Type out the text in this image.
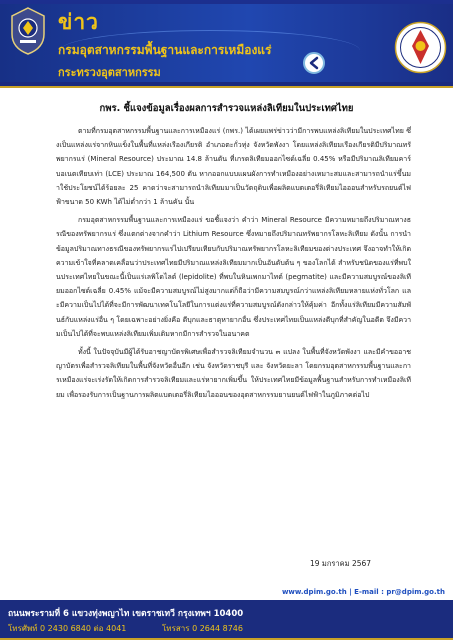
ข่าว
กรมอุตสาหกรรมพื้นฐานและการเหมืองแร่
กระทรวงอุตสาหกรรม
กพร. ชี้แจงข้อมูลเรื่องผลการสำรวจแหล่งลิเทียมในประเทศไทย

ตามที่กรมอุตสาหกรรมพื้นฐานและการเหมืองแร่ (กพร.) ได้เผยแพร่ข่าวว่ามีการพบแหล่งลิเทียมในประเทศไทย ซึ่งเป็นแหล่งแร่จากหินแข็งในพื้นที่แหล่งเรืองเกียรติ อำเภอตะกั่วทุ่ง จังหวัดพังงา โดยแหล่งลิเทียมเรืองเกียรติมีปริมาณทรัพยากรแร่ (Mineral Resource) ประมาณ 14.8 ล้านตัน ที่เกรดลิเทียมออกไซด์เฉลี่ย 0.45% หรือมีปริมาณลิเทียมคาร์บอเนตเทียบเท่า (LCE) ประมาณ 164,500 ตัน หากออกแบบแผนผังการทำเหมืองอย่างเหมาะสมและสามารถนำแร่ขึ้นมาใช้ประโยชน์ได้ร้อยละ 25 คาดว่าจะสามารถนำลิเทียมมาเป็นวัตถุดิบเพื่อผลิตแบตเตอรี่ลิเทียมไอออนสำหรับรถยนต์ไฟฟ้าขนาด 50 KWh ได้ไม่ต่ำกว่า 1 ล้านคัน นั้น

กรมอุตสาหกรรมพื้นฐานและการเหมืองแร่ ขอชี้แจงว่า คำว่า Mineral Resource มีความหมายถึงปริมาณทางธรณีของทรัพยากรแร่ ซึ่งแตกต่างจากคำว่า Lithium Resource ซึ่งหมายถึงปริมาณทรัพยากรโลหะลิเทียม ดังนั้น การนำข้อมูลปริมาณทางธรณีของทรัพยากรแร่ไปเปรียบเทียบกับปริมาณทรัพยากรโลหะลิเทียมของต่างประเทศ จึงอาจทำให้เกิดความเข้าใจที่คลาดเคลื่อนว่าประเทศไทยมีปริมาณแหล่งลิเทียมมากเป็นอันดับต้น ๆ ของโลกได้ สำหรับชนิดของแร่ที่พบในประเทศไทยในขณะนี้เป็นแร่เลพิโดไลต์ (lepidolite) ที่พบในหินเพกมาไทต์ (pegmatite) และมีความสมบูรณ์ของลิเทียมออกไซด์เฉลี่ย 0.45% แม้จะมีความสมบูรณ์ไม่สูงมากแต่ก็ถือว่ามีความสมบูรณ์กว่าแหล่งลิเทียมหลายแห่งทั่วโลก และมีความเป็นไปได้ที่จะมีการพัฒนาเทคโนโลยีในการแต่งแร่ที่ความสมบูรณ์ดังกล่าวให้คุ้มค่า อีกทั้งแร่ลิเทียมมีความสัมพันธ์กับแหล่งแร่อื่น ๆ โดยเฉพาะอย่างยิ่งคือ ดีบุกและธาตุหายากอื่น ซึ่งประเทศไทยเป็นแหล่งดีบุกที่สำคัญในอดีต จึงมีความเป็นไปได้ที่จะพบแหล่งลิเทียมเพิ่มเติมหากมีการสำรวจในอนาคต

ทั้งนี้ ในปัจจุบันมีผู้ได้รับอาชญาบัตรพิเศษเพื่อสำรวจลิเทียมจำนวน ๓ แปลง ในพื้นที่จังหวัดพังงา และมีคำขออาชญาบัตรเพื่อสำรวจลิเทียมในพื้นที่จังหวัดอื่นอีก เช่น จังหวัดราชบุรี และ จังหวัดยะลา โดยกรมอุตสาหกรรมพื้นฐานและการเหมืองแร่จะเร่งรัดให้เกิดการสำรวจลิเทียมและแร่หายากเพิ่มขึ้น ให้ประเทศไทยมีข้อมูลพื้นฐานสำหรับการทำเหมืองลิเทียม เพื่อรองรับการเป็นฐานการผลิตแบตเตอรี่ลิเทียมไอออนของอุตสาหกรรมยานยนต์ไฟฟ้าในภูมิภาคต่อไป

19 มกราคม 2567
www.dpim.go.th | E-mail : pr@dpim.go.th
ถนนพระรามที่ 6 แขวงทุ่งพญาไท เขตราชเทวี กรุงเทพฯ 10400
โทรศัพท์ 0 2430 6840 ต่อ 4041	โทรสาร 0 2644 8746
